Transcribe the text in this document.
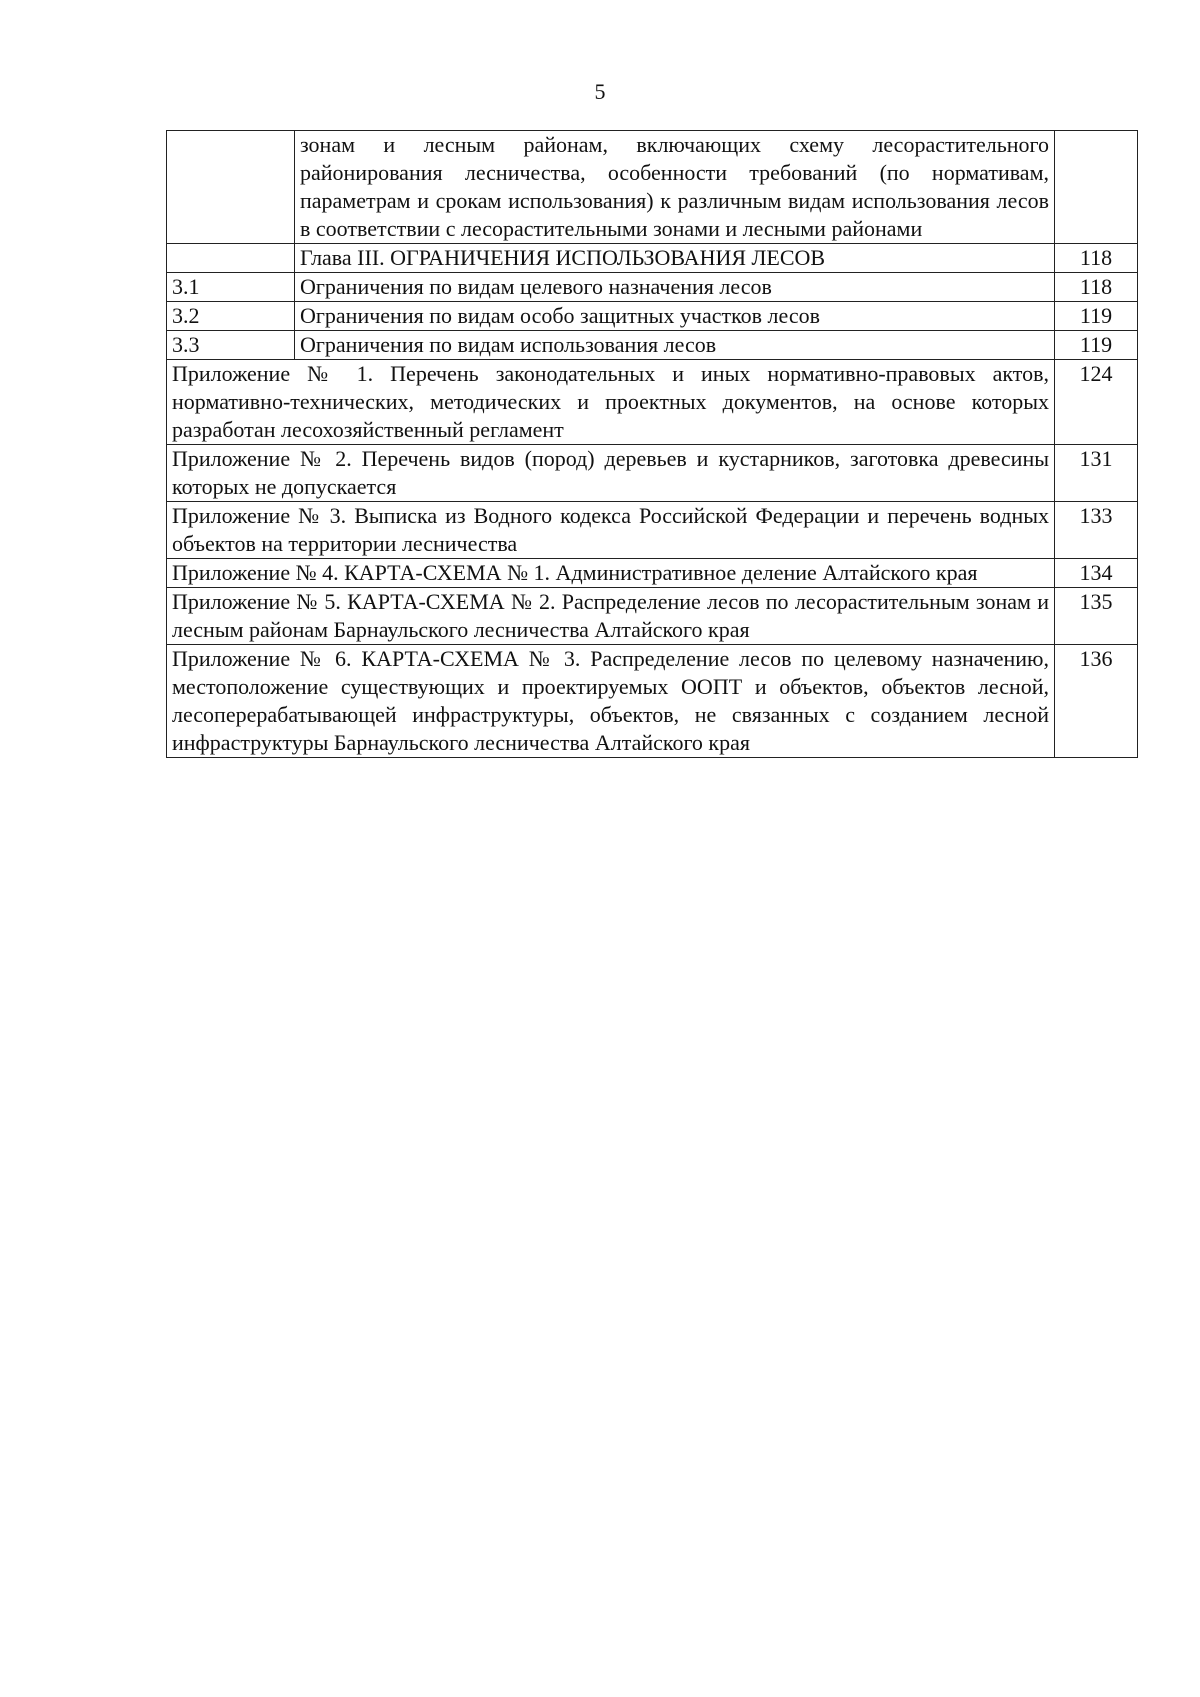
5
	зонам и лесным районам, включающих схему лесорастительного районирования лесничества, особенности требований (по нормативам, параметрам и срокам использования) к различным видам использования лесов в соответствии с лесорастительными зонами и лесными районами	
	Глава III. ОГРАНИЧЕНИЯ ИСПОЛЬЗОВАНИЯ ЛЕСОВ	118
3.1	Ограничения по видам целевого назначения лесов	118
3.2	Ограничения по видам особо защитных участков лесов	119
3.3	Ограничения по видам использования лесов	119
Приложение № 1. Перечень законодательных и иных нормативно-правовых актов, нормативно-технических, методических и проектных документов, на основе которых разработан лесохозяйственный регламент		124
Приложение № 2. Перечень видов (пород) деревьев и кустарников, заготовка древесины которых не допускается		131
Приложение № 3. Выписка из Водного кодекса Российской Федерации и перечень водных объектов на территории лесничества		133
Приложение № 4. КАРТА-СХЕМА № 1. Административное деление Алтайского края		134
Приложение № 5. КАРТА-СХЕМА № 2. Распределение лесов по лесорастительным зонам и лесным районам Барнаульского лесничества Алтайского края		135
Приложение № 6. КАРТА-СХЕМА № 3. Распределение лесов по целевому назначению, местоположение существующих и проектируемых ООПТ и объектов, объектов лесной, лесоперерабатывающей инфраструктуры, объектов, не связанных с созданием лесной инфраструктуры Барнаульского лесничества Алтайского края		136
